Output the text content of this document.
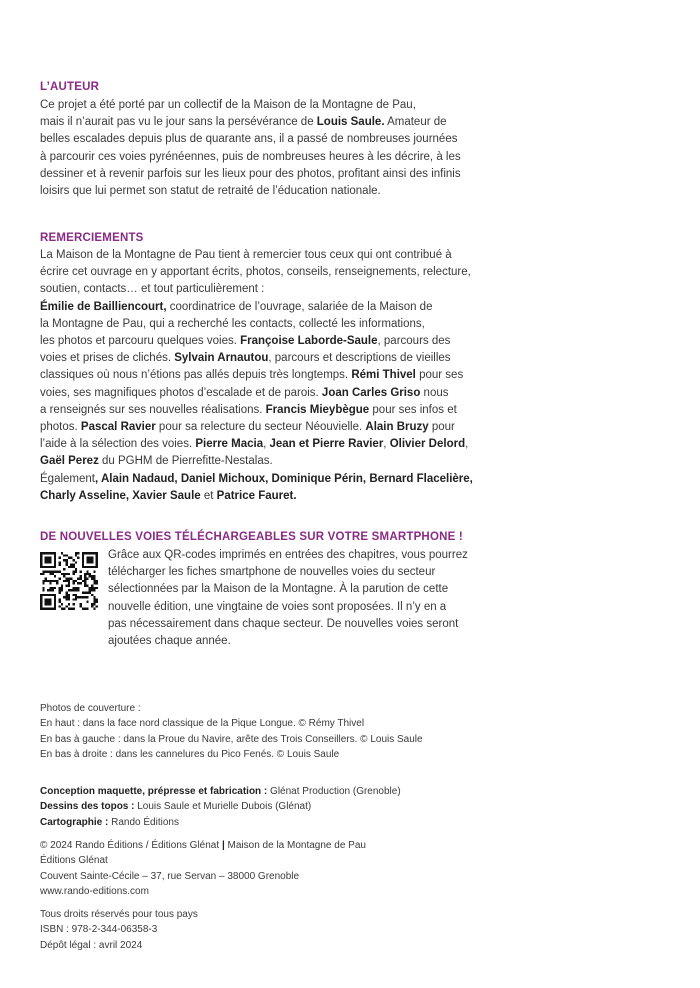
L’AUTEUR
Ce projet a été porté par un collectif de la Maison de la Montagne de Pau,
mais il n’aurait pas vu le jour sans la persévérance de Louis Saule. Amateur de
belles escalades depuis plus de quarante ans, il a passé de nombreuses journées
à parcourir ces voies pyrénéennes, puis de nombreuses heures à les décrire, à les
dessiner et à revenir parfois sur les lieux pour des photos, profitant ainsi des infinis
loisirs que lui permet son statut de retraité de l’éducation nationale.
REMERCIEMENTS
La Maison de la Montagne de Pau tient à remercier tous ceux qui ont contribué à
écrire cet ouvrage en y apportant écrits, photos, conseils, renseignements, relecture,
soutien, contacts… et tout particulièrement :
Émilie de Bailliencourt, coordinatrice de l’ouvrage, salariée de la Maison de
la Montagne de Pau, qui a recherché les contacts, collecté les informations,
les photos et parcouru quelques voies. Françoise Laborde-Saule, parcours des
voies et prises de clichés. Sylvain Arnautou, parcours et descriptions de vieilles
classiques où nous n’étions pas allés depuis très longtemps. Rémi Thivel pour ses
voies, ses magnifiques photos d’escalade et de parois. Joan Carles Griso nous
a renseignés sur ses nouvelles réalisations. Francis Mieybègue pour ses infos et
photos. Pascal Ravier pour sa relecture du secteur Néouvielle. Alain Bruzy pour
l’aide à la sélection des voies. Pierre Macia, Jean et Pierre Ravier, Olivier Delord,
Gaël Perez du PGHM de Pierrefitte-Nestalas.
Également, Alain Nadaud, Daniel Michoux, Dominique Périn, Bernard Flacelière,
Charly Asseline, Xavier Saule et Patrice Fauret.
DE NOUVELLES VOIES TÉLÉCHARGEABLES SUR VOTRE SMARTPHONE !
Grâce aux QR-codes imprimés en entrées des chapitres, vous pourrez
télécharger les fiches smartphone de nouvelles voies du secteur
sélectionnées par la Maison de la Montagne. À la parution de cette
nouvelle édition, une vingtaine de voies sont proposées. Il n’y en a
pas nécessairement dans chaque secteur. De nouvelles voies seront
ajoutées chaque année.
Photos de couverture :
En haut : dans la face nord classique de la Pique Longue. © Rémy Thivel
En bas à gauche : dans la Proue du Navire, arête des Trois Conseillers. © Louis Saule
En bas à droite : dans les cannelures du Pico Fenés. © Louis Saule
Conception maquette, prépresse et fabrication : Glénat Production (Grenoble)
Dessins des topos : Louis Saule et Murielle Dubois (Glénat)
Cartographie : Rando Éditions
© 2024 Rando Éditions / Éditions Glénat | Maison de la Montagne de Pau
Éditions Glénat
Couvent Sainte-Cécile – 37, rue Servan – 38000 Grenoble
www.rando-editions.com
Tous droits réservés pour tous pays
ISBN : 978-2-344-06358-3
Dépôt légal : avril 2024
